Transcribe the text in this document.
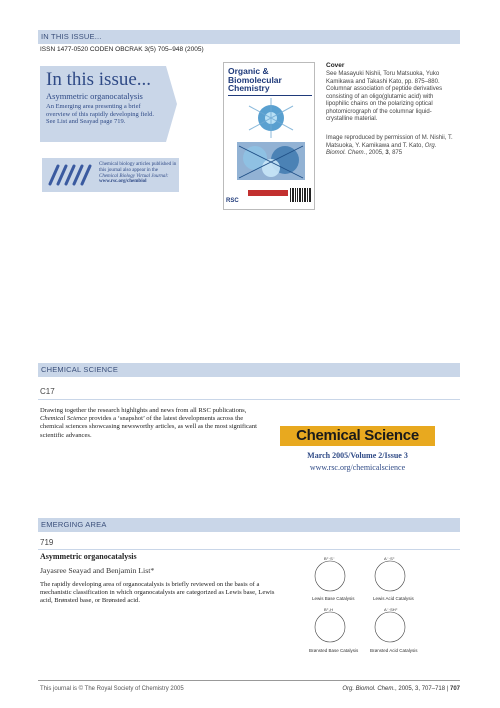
IN THIS ISSUE...
ISSN 1477-0520 CODEN OBCRAK 3(5) 705–948 (2005)
In this issue...
Asymmetric organocatalysis
An Emerging area presenting a brief overview of this rapidly developing field. See List and Seayad page 719.
Chemical biology articles published in this journal also appear in the Chemical Biology Virtual Journal: www.rsc.org/chembiol
Organic & Biomolecular Chemistry
RSC
Cover
See Masayuki Nishii, Toru Matsuoka, Yuko Kamikawa and Takashi Kato, pp. 875–880. Columnar association of peptide derivatives consisting of an oligo(glutamic acid) with lipophilic chains on the polarizing optical photomicrograph of the columnar liquid-crystalline material.
Image reproduced by permission of M. Nishii, T. Matsuoka, Y. Kamikawa and T. Kato, Org. Biomol. Chem., 2005, 3, 875
CHEMICAL SCIENCE
C17
Drawing together the research highlights and news from all RSC publications, Chemical Science provides a ‘snapshot’ of the latest developments across the chemical sciences showcasing newsworthy articles, as well as the most significant scientific advances.	Chemical Science
March 2005/Volume 2/Issue 3
www.rsc.org/chemicalscience
EMERGING AREA
719
Asymmetric organocatalysis
Jayasree Seayad and Benjamin List*
The rapidly developing area of organocatalysis is briefly reviewed on the basis of a mechanistic classification in which organocatalysts are categorized as Lewis base, Lewis acid, Brønsted base, or Brønsted acid.
B⁺·S⁻	A⁻·S⁺
B⁺-H	A⁻·SH⁺
Lewis Base Catalysis	Lewis Acid Catalysis
Brønsted Base Catalysis	Brønsted Acid Catalysis
This journal is © The Royal Society of Chemistry 2005	Org. Biomol. Chem., 2005, 3, 707–718 | 707
